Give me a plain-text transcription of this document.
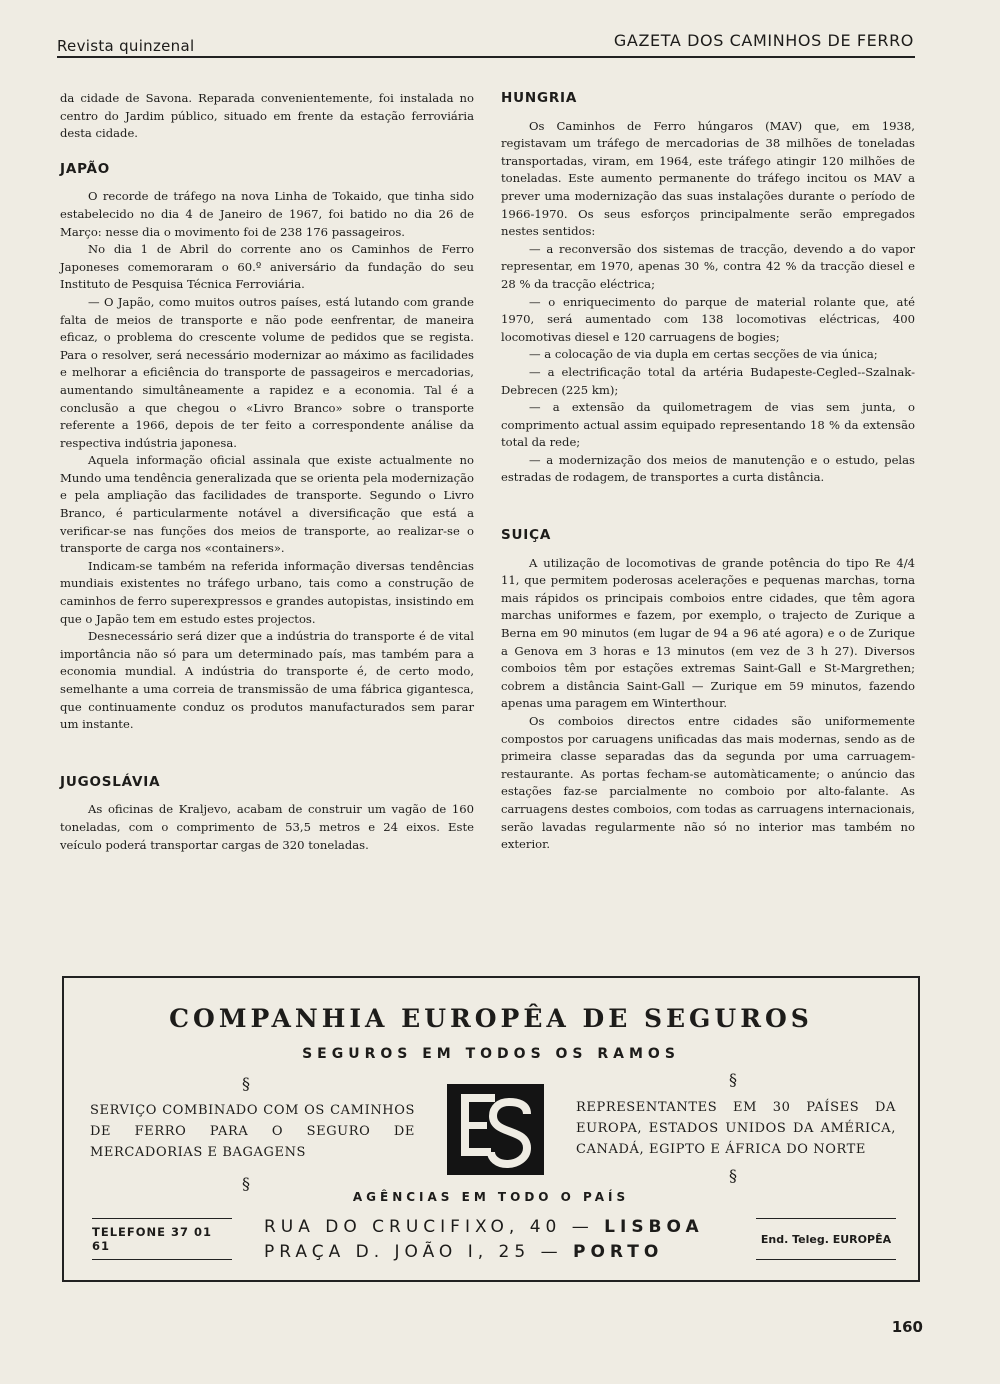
Revista quinzenal	GAZETA DOS CAMINHOS DE FERRO

da cidade de Savona. Reparada convenientemente, foi instalada no centro do Jardim público, situado em frente da estação ferroviária desta cidade.

JAPÃO

O recorde de tráfego na nova Linha de Tokaido, que tinha sido estabelecido no dia 4 de Janeiro de 1967, foi batido no dia 26 de Março: nesse dia o movimento foi de 238 176 passageiros.

No dia 1 de Abril do corrente ano os Caminhos de Ferro Japoneses comemoraram o 60.º aniversário da fundação do seu Instituto de Pesquisa Técnica Ferroviária.

— O Japão, como muitos outros países, está lutando com grande falta de meios de transporte e não pode eenfrentar, de maneira eficaz, o problema do crescente volume de pedidos que se regista. Para o resolver, será necessário modernizar ao máximo as facilidades e melhorar a eficiência do transporte de passageiros e mercadorias, aumentando simultâneamente a rapidez e a economia. Tal é a conclusão a que chegou o «Livro Branco» sobre o transporte referente a 1966, depois de ter feito a correspondente análise da respectiva indústria japonesa.

Aquela informação oficial assinala que existe actualmente no Mundo uma tendência generalizada que se orienta pela modernização e pela ampliação das facilidades de transporte. Segundo o Livro Branco, é particularmente notável a diversificação que está a verificar-se nas funções dos meios de transporte, ao realizar-se o transporte de carga nos «containers».

Indicam-se também na referida informação diversas tendências mundiais existentes no tráfego urbano, tais como a construção de caminhos de ferro superexpressos e grandes autopistas, insistindo em que o Japão tem em estudo estes projectos.

Desnecessário será dizer que a indústria do transporte é de vital importância não só para um determinado país, mas também para a economia mundial. A indústria do transporte é, de certo modo, semelhante a uma correia de transmissão de uma fábrica gigantesca, que continuamente conduz os produtos manufacturados sem parar um instante.

JUGOSLÁVIA

As oficinas de Kraljevo, acabam de construir um vagão de 160 toneladas, com o comprimento de 53,5 metros e 24 eixos. Este veículo poderá transportar cargas de 320 toneladas.

HUNGRIA

Os Caminhos de Ferro húngaros (MAV) que, em 1938, registavam um tráfego de mercadorias de 38 milhões de toneladas transportadas, viram, em 1964, este tráfego atingir 120 milhões de toneladas. Este aumento permanente do tráfego incitou os MAV a prever uma modernização das suas instalações durante o período de 1966-1970. Os seus esforços principalmente serão empregados nestes sentidos:

— a reconversão dos sistemas de tracção, devendo a do vapor representar, em 1970, apenas 30 %, contra 42 % da tracção diesel e 28 % da tracção eléctrica;

— o enriquecimento do parque de material rolante que, até 1970, será aumentado com 138 locomotivas eléctricas, 400 locomotivas diesel e 120 carruagens de bogies;

— a colocação de via dupla em certas secções de via única;

— a electrificação total da artéria Budapeste-Cegled--Szalnak-Debrecen (225 km);

— a extensão da quilometragem de vias sem junta, o comprimento actual assim equipado representando 18 % da extensão total da rede;

— a modernização dos meios de manutenção e o estudo, pelas estradas de rodagem, de transportes a curta distância.

SUIÇA

A utilização de locomotivas de grande potência do tipo Re 4/4 11, que permitem poderosas acelerações e pequenas marchas, torna mais rápidos os principais comboios entre cidades, que têm agora marchas uniformes e fazem, por exemplo, o trajecto de Zurique a Berna em 90 minutos (em lugar de 94 a 96 até agora) e o de Zurique a Genova em 3 horas e 13 minutos (em vez de 3 h 27). Diversos comboios têm por estações extremas Saint-Gall e St-Margrethen; cobrem a distância Saint-Gall — Zurique em 59 minutos, fazendo apenas uma paragem em Winterthour.

Os comboios directos entre cidades são uniformemente compostos por caruagens unificadas das mais modernas, sendo as de primeira classe separadas das da segunda por uma carruagem-restaurante. As portas fecham-se automàticamente; o anúncio das estações faz-se parcialmente no comboio por alto-falante. As carruagens destes comboios, com todas as carruagens internacionais, serão lavadas regularmente não só no interior mas também no exterior.

COMPANHIA EUROPÊA DE SEGUROS
SEGUROS EM TODOS OS RAMOS
§	§
§	§
SERVIÇO COMBINADO COM OS CAMINHOS DE FERRO PARA O SEGURO DE MERCADORIAS E BAGAGENS
REPRESENTANTES EM 30 PAÍSES DA EUROPA, ESTADOS UNIDOS DA AMÉRICA, CANADÁ, EGIPTO E ÁFRICA DO NORTE
AGÊNCIAS EM TODO O PAÍS
TELEFONE 37 01 61
RUA DO CRUCIFIXO, 40 — LISBOA
PRAÇA D. JOÃO I, 25 — PORTO
End. Teleg. EUROPÊA
160
